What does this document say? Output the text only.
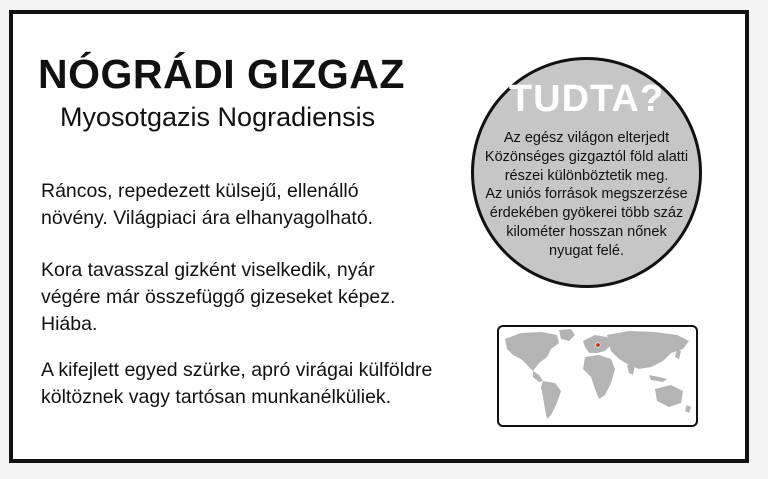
NÓGRÁDI GIZGAZ
Myosotgazis Nogradiensis

Ráncos, repedezett külsejű, ellenálló
növény. Világpiaci ára elhanyagolható.

Kora tavasszal gizként viselkedik, nyár
végére már összefüggő gizeseket képez.
Hiába.

A kifejlett egyed szürke, apró virágai külföldre
költöznek vagy tartósan munkanélküliek.

TUDTA?
Az egész világon elterjedt
Közönséges gizgaztól föld alatti
részei különböztetik meg.
Az uniós források megszerzése
érdekében gyökerei több száz
kilométer hosszan nőnek
nyugat felé.
